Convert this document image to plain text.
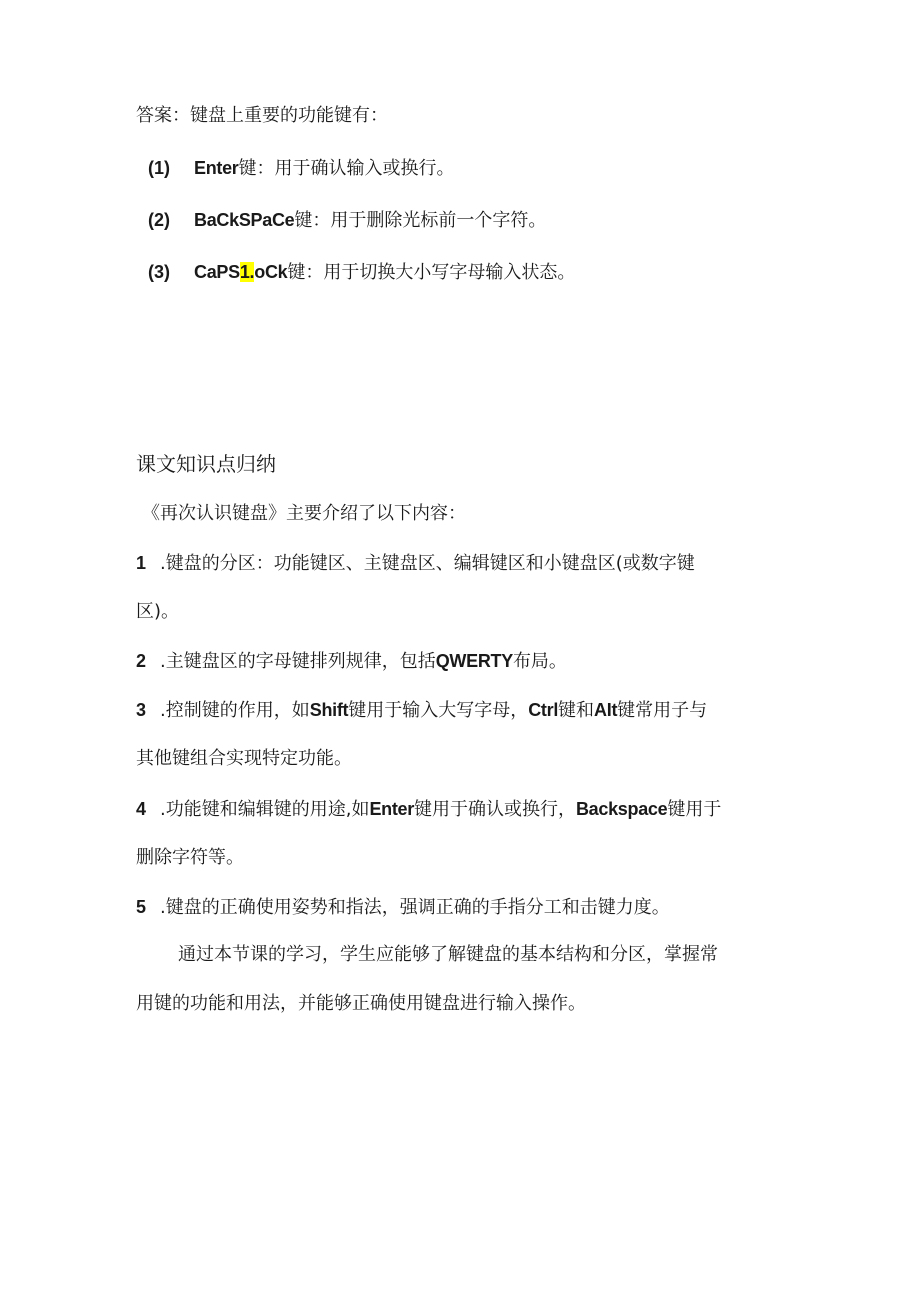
答案：键盘上重要的功能键有：
(1) Enter键：用于确认输入或换行。
(2) BaCkSPaCe键：用于删除光标前一个字符。
(3) CaPS1.oCk键：用于切换大小写字母输入状态。
课文知识点归纳
《再次认识键盘》主要介绍了以下内容：
1 .键盘的分区：功能键区、主键盘区、编辑键区和小键盘区(或数字键
区)。
2 .主键盘区的字母键排列规律，包括QWERTY布局。
3 .控制键的作用，如Shift键用于输入大写字母，Ctrl键和AIt键常用子与
其他键组合实现特定功能。
4 .功能键和编辑键的用途,如Enter键用于确认或换行，Backspace键用于
删除字符等。
5 .键盘的正确使用姿势和指法，强调正确的手指分工和击键力度。
通过本节课的学习，学生应能够了解键盘的基本结构和分区，掌握常
用键的功能和用法，并能够正确使用键盘进行输入操作。
